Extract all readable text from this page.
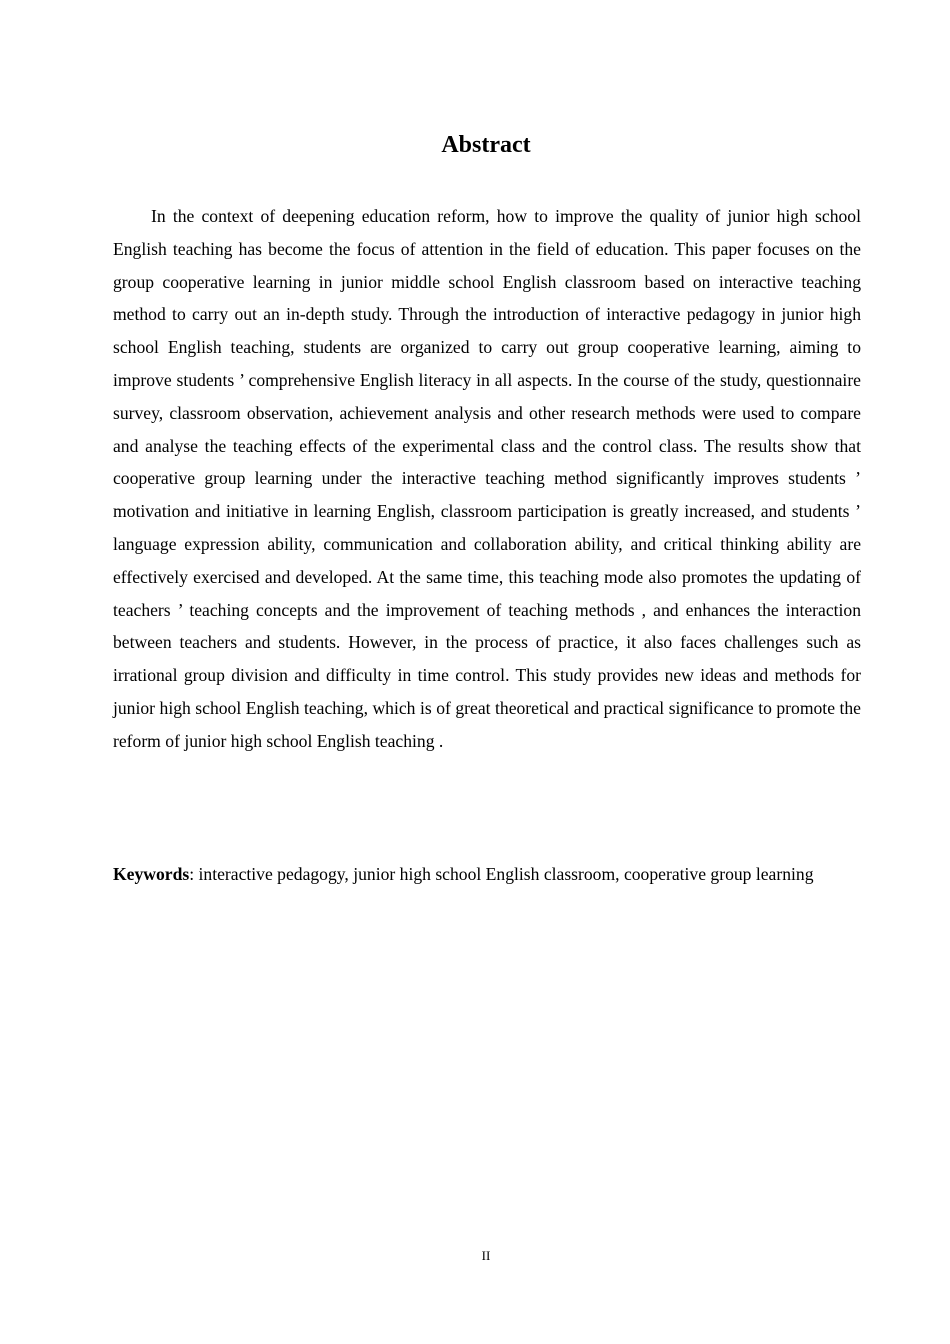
Abstract

In the context of deepening education reform, how to improve the quality of junior high school English teaching has become the focus of attention in the field of education. This paper focuses on the group cooperative learning in junior middle school English classroom based on interactive teaching method to carry out an in-depth study. Through the introduction of interactive pedagogy in junior high school English teaching, students are organized to carry out group cooperative learning, aiming to improve students ’ comprehensive English literacy in all aspects. In the course of the study, questionnaire survey, classroom observation, achievement analysis and other research methods were used to compare and analyse the teaching effects of the experimental class and the control class. The results show that cooperative group learning under the interactive teaching method significantly improves students ’ motivation and initiative in learning English, classroom participation is greatly increased, and students ’ language expression ability, communication and collaboration ability, and critical thinking ability are effectively exercised and developed. At the same time, this teaching mode also promotes the updating of teachers ’ teaching concepts and the improvement of teaching methods , and enhances the interaction between teachers and students. However, in the process of practice, it also faces challenges such as irrational group division and difficulty in time control. This study provides new ideas and methods for junior high school English teaching, which is of great theoretical and practical significance to promote the reform of junior high school English teaching .

Keywords: interactive pedagogy, junior high school English classroom, cooperative group learning

II
